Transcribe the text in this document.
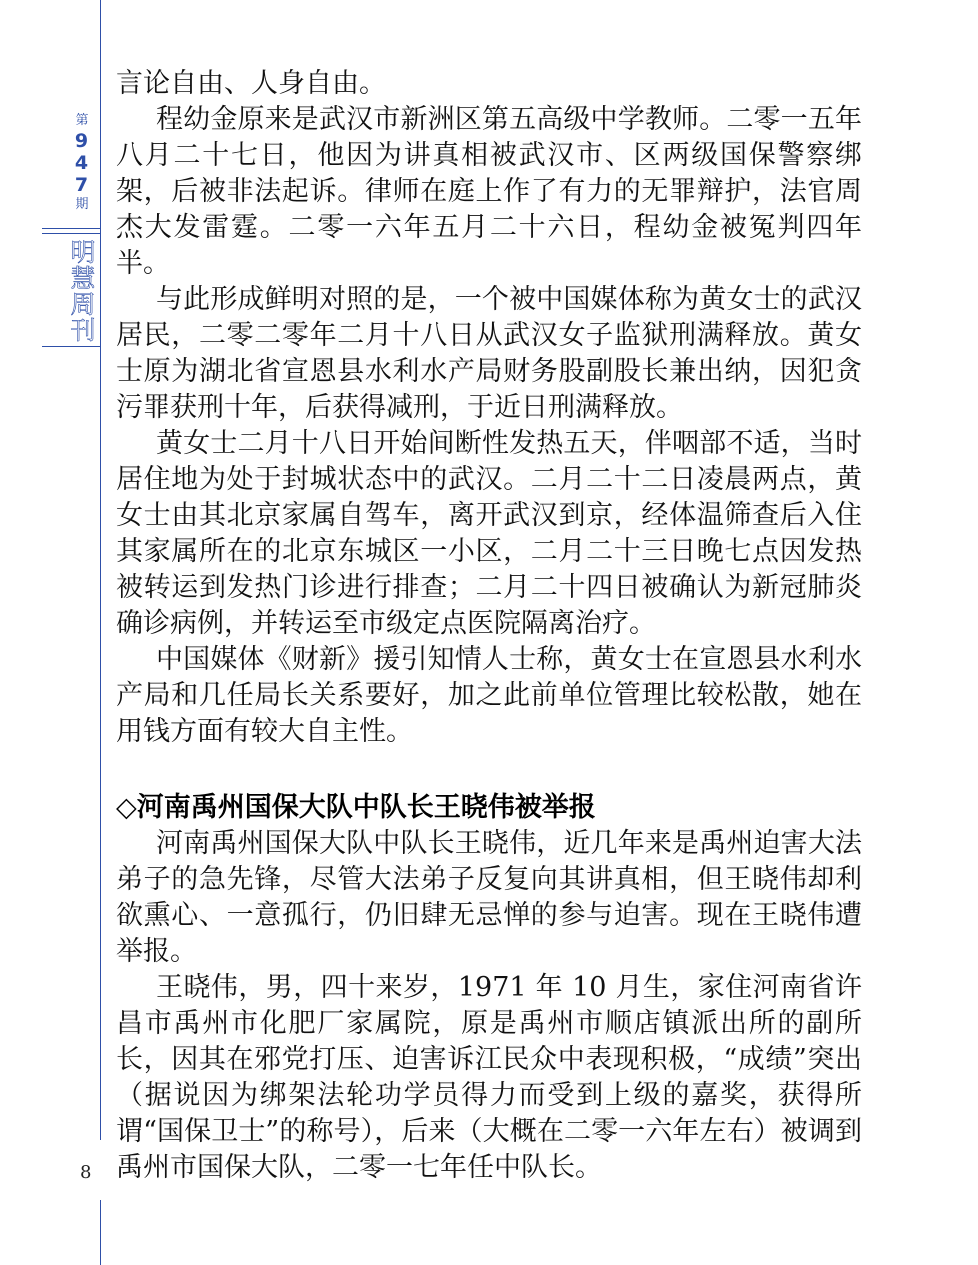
第
9
4
7
期
明
慧
周
刊
8

言论自由、人身自由。

程幼金原来是武汉市新洲区第五高级中学教师。二零一五年八月二十七日，他因为讲真相被武汉市、区两级国保警察绑架，后被非法起诉。律师在庭上作了有力的无罪辩护，法官周杰大发雷霆。二零一六年五月二十六日，程幼金被冤判四年半。

与此形成鲜明对照的是，一个被中国媒体称为黄女士的武汉居民，二零二零年二月十八日从武汉女子监狱刑满释放。黄女士原为湖北省宣恩县水利水产局财务股副股长兼出纳，因犯贪污罪获刑十年，后获得减刑，于近日刑满释放。

黄女士二月十八日开始间断性发热五天，伴咽部不适，当时居住地为处于封城状态中的武汉。二月二十二日凌晨两点，黄女士由其北京家属自驾车，离开武汉到京，经体温筛查后入住其家属所在的北京东城区一小区，二月二十三日晚七点因发热被转运到发热门诊进行排查；二月二十四日被确认为新冠肺炎确诊病例，并转运至市级定点医院隔离治疗。

中国媒体《财新》援引知情人士称，黄女士在宣恩县水利水产局和几任局长关系要好，加之此前单位管理比较松散，她在用钱方面有较大自主性。

◇河南禹州国保大队中队长王晓伟被举报

河南禹州国保大队中队长王晓伟，近几年来是禹州迫害大法弟子的急先锋，尽管大法弟子反复向其讲真相，但王晓伟却利欲熏心、一意孤行，仍旧肆无忌惮的参与迫害。现在王晓伟遭举报。

王晓伟，男，四十来岁，1971 年 10 月生，家住河南省许昌市禹州市化肥厂家属院，原是禹州市顺店镇派出所的副所长，因其在邪党打压、迫害诉江民众中表现积极，“成绩”突出（据说因为绑架法轮功学员得力而受到上级的嘉奖，获得所谓“国保卫士”的称号），后来（大概在二零一六年左右）被调到禹州市国保大队，二零一七年任中队长。
